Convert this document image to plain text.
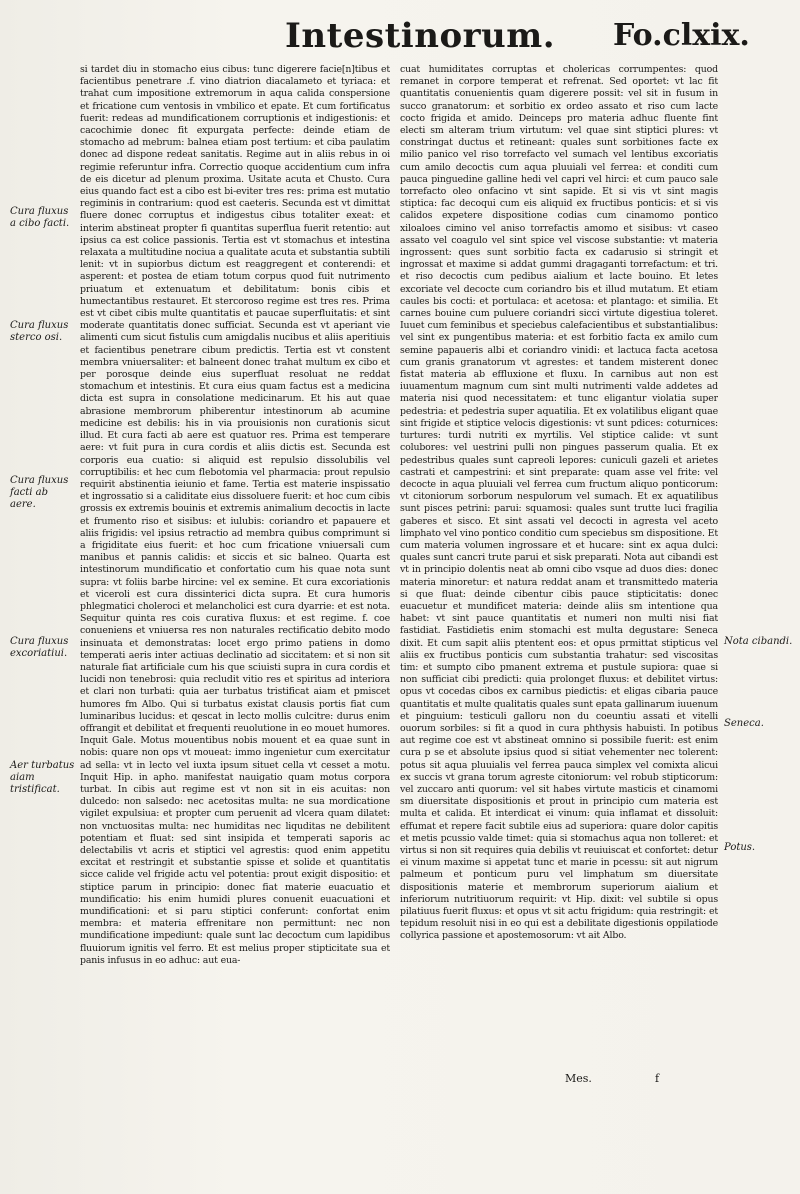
Intestinorum. Fo.clxix.

si tardet diu in stomacho eius cibus: tunc digerere facie[n]tibus et facientibus penetrare .f. vino diatrion diacalameto et tyriaca: et trahat cum impositione extremorum in aqua calida conspersione et fricatione cum ventosis in vmbilico et epate. Et cum fortificatus fuerit: redeas ad mundificationem corruptionis et indigestionis: et cacochimie donec fit expurgata perfecte: deinde etiam de stomacho ad mebrum: balnea etiam post tertium: et ciba paulatim donec ad dispone redeat sanitatis. Regime aut in aliis rebus in oi regimie referuntur infra. Correctio quoque accidentium cum infra de eis dicetur ad plenum proxima. Usitate acuta et Chusto. Cura eius quando fact est a cibo est bi-eviter tres res: prima est mutatio regiminis in contrarium: quod est caeteris. Secunda est vt dimittat fluere donec corruptus et indigestus cibus totaliter exeat: et interim abstineat propter fi quantitas superflua fuerit retentio: aut ipsius ca est colice passionis. Tertia est vt stomachus et intestina relaxata a multitudine nociua a qualitate acuta et substantia subtili lenit: vt in supiorbus dictum est reaggregent et conterendi: et asperent: et postea de etiam totum corpus quod fuit nutrimento priuatum et extenuatum et debilitatum: bonis cibis et humectantibus restauret. Et stercoroso regime est tres res. Prima est vt cibet cibis multe quantitatis et paucae superfluitatis: et sint moderate quantitatis donec sufficiat. Secunda est vt aperiant vie alimenti cum sicut fistulis cum amigdalis nucibus et aliis aperitiuis et facientibus penetrare cibum predictis. Tertia est vt constent membra vniuersaliter: et balneent donec trahat multum ex cibo et per porosque deinde eius superfluat resoluat ne reddat stomachum et intestinis. Et cura eius quam factus est a medicina dicta est supra in consolatione medicinarum. Et his aut quae abrasione membrorum phiberentur intestinorum ab acumine medicine est debilis: his in via prouisionis non curationis sicut illud. Et cura facti ab aere est quatuor res. Prima est temperare aere: vt fuit pura in cura cordis et aliis dictis est. Secunda est corporis eua cuatio: si aliquid est repulsio dissolubilis vel corruptibilis: et hec cum flebotomia vel pharmacia: prout repulsio requirit abstinentia ieiunio et fame. Tertia est materie inspissatio et ingrossatio si a caliditate eius dissoluere fuerit: et hoc cum cibis grossis ex extremis bouinis et extremis animalium decoctis in lacte et frumento riso et sisibus: et iulubis: coriandro et papauere et aliis frigidis: vel ipsius retractio ad membra quibus comprimunt si a frigiditate eius fuerit: et hoc cum fricatione vniuersali cum manibus et pannis calidis: et siccis et sic balneo. Quarta est intestinorum mundificatio et confortatio cum his quae nota sunt supra: vt foliis barbe hircine: vel ex semine. Et cura excoriationis et viceroli est cura dissinterici dicta supra. Et cura humoris phlegmatici choleroci et melancholici est cura dyarrie: et est nota. Sequitur quinta res cois curativa fluxus: et est regime. f. coe conueniens et vniuersa res non naturales rectificatio debito modo insinuata et demonstratas: locet ergo primo patiens in domo temperati aeris inter actiuas declinatio ad siccitatem: et si non sit naturale fiat artificiale cum his que sciuisti supra in cura cordis et lucidi non tenebrosi: quia recludit vitio res et spiritus ad interiora et clari non turbati: quia aer turbatus tristificat aiam et pmiscet humores fm Albo. Qui si turbatus existat clausis portis fiat cum luminaribus lucidus: et qescat in lecto mollis culcitre: durus enim offrangit et debilitat et frequenti reuolutione in eo mouet humores. Inquit Gale. Motus mouentibus nobis mouent et ea quae sunt in nobis: quare non ops vt moueat: immo ingenietur cum exercitatur ad sella: vt in lecto vel iuxta ipsum situet cella vt cesset a motu. Inquit Hip. in apho. manifestat nauigatio quam motus corpora turbat. In cibis aut regime est vt non sit in eis acuitas: non dulcedo: non salsedo: nec acetositas multa: ne sua mordicatione vigilet expulsiua: et propter cum peruenit ad vlcera quam dilatet: non vnctuositas multa: nec humiditas nec liquditas ne debilitent potentiam et fluat: sed sint insipida et temperati saporis ac delectabilis vt acris et stiptici vel agrestis: quod enim appetitu excitat et restringit et substantie spisse et solide et quantitatis sicce calide vel frigide actu vel potentia: prout exigit dispositio: et stiptice parum in principio: donec fiat materie euacuatio et mundificatio: his enim humidi plures conuenit euacuationi et mundificationi: et si paru stiptici conferunt: confortat enim membra: et materia effrenitare non permittunt: nec non mundificatione impediunt: quale sunt lac decoctum cum lapidibus fluuiorum ignitis vel ferro. Et est melius proper stipticitate sua et panis infusus in eo adhuc: aut eua-

cuat humiditates corruptas et cholericas corrumpentes: quod remanet in corpore temperat et refrenat. Sed oportet: vt lac fit quantitatis conuenientis quam digerere possit: vel sit in fusum in succo granatorum: et sorbitio ex ordeo assato et riso cum lacte cocto frigida et amido. Deinceps pro materia adhuc fluente fint electi sm alteram trium virtutum: vel quae sint stiptici plures: vt constringat ductus et retineant: quales sunt sorbitiones facte ex milio panico vel riso torrefacto vel sumach vel lentibus excoriatis cum amilo decoctis cum aqua pluuiali vel ferrea: et conditi cum pauca pinguedine galline hedi vel capri vel hirci: et cum pauco sale torrefacto oleo onfacino vt sint sapide. Et si vis vt sint magis stiptica: fac decoqui cum eis aliquid ex fructibus ponticis: et si vis calidos expetere dispositione codias cum cinamomo pontico xiloaloes cimino vel aniso torrefactis amomo et sisibus: vt caseo assato vel coagulo vel sint spice vel viscose substantie: vt materia ingrossent: ques sunt sorbitio facta ex cadarusio si stringit et ingrossat et maxime si addat gummi dragaganti torrefactum: et tri. et riso decoctis cum pedibus aialium et lacte bouino. Et letes excoriate vel decocte cum coriandro bis et illud mutatum. Et etiam caules bis cocti: et portulaca: et acetosa: et plantago: et similia. Et carnes bouine cum puluere coriandri sicci virtute digestiua toleret. Iuuet cum feminibus et speciebus calefacientibus et substantialibus: vel sint ex pungentibus materia: et est forbitio facta ex amilo cum semine papaueris albi et coriandro vinidi: et lactuca facta acetosa cum granis granatorum vt agrestes: et tandem misterent donec fistat materia ab effluxione et fluxu. In carnibus aut non est iuuamentum magnum cum sint multi nutrimenti valde addetes ad materia nisi quod necessitatem: et tunc eligantur violatia super pedestria: et pedestria super aquatilia. Et ex volatilibus eligant quae sint frigide et stiptice velocis digestionis: vt sunt pdices: coturnices: turtures: turdi nutriti ex myrtilis. Vel stiptice calide: vt sunt colubores: vel uestrini pulli non pingues passerum qualia. Et ex pedestribus quales sunt capreoli lepores: cuniculi gazeli et arietes castrati et campestrini: et sint preparate: quam asse vel frite: vel decocte in aqua pluuiali vel ferrea cum fructum aliquo ponticorum: vt citoniorum sorborum nespulorum vel sumach. Et ex aquatilibus sunt pisces petrini: parui: squamosi: quales sunt trutte luci fragilia gaberes et sisco. Et sint assati vel decocti in agresta vel aceto limphato vel vino pontico conditio cum speciebus sm dispositione. Et cum materia volumen ingrossare et et hucare: sint ex aqua dulci: quales sunt cancri trute parui et sisk preparati. Nota aut cibandi est vt in principio dolentis neat ab omni cibo vsque ad duos dies: donec materia minoretur: et natura reddat anam et transmittedo materia si que fluat: deinde cibentur cibis pauce stipticitatis: donec euacuetur et mundificet materia: deinde aliis sm intentione qua habet: vt sint pauce quantitatis et numeri non multi nisi fiat fastidiat. Fastidietis enim stomachi est multa degustare: Seneca dixit. Et cum sapit aliis ptentent eos: et opus prmittat stipticus vel aliis ex fructibus ponticis cum substantia trahatur: sed viscositas tim: et sumpto cibo pmanent extrema et pustule supiora: quae si non sufficiat cibi predicti: quia prolonget fluxus: et debilitet virtus: opus vt cocedas cibos ex carnibus piedictis: et eligas cibaria pauce quantitatis et multe qualitatis quales sunt epata gallinarum iuuenum et pinguium: testiculi galloru non du coeuntiu assati et vitelli ouorum sorbiles: si fit a quod in cura phthysis habuisti. In potibus aut regime coe est vt abstineat omnino si possibile fuerit: est enim cura p se et absolute ipsius quod si sitiat vehementer nec tolerent: potus sit aqua pluuialis vel ferrea pauca simplex vel comixta alicui ex succis vt grana torum agreste citoniorum: vel robub stipticorum: vel zuccaro anti quorum: vel sit habes virtute masticis et cinamomi sm diuersitate dispositionis et prout in principio cum materia est multa et calida. Et interdicat ei vinum: quia inflamat et dissoluit: effumat et repere facit subtile eius ad superiora: quare dolor capitis et metis pcussio valde timet: quia si stomachus aqua non tolleret: et virtus si non sit requires quia debilis vt reuiuiscat et confortet: detur ei vinum maxime si appetat tunc et marie in pcessu: sit aut nigrum palmeum et ponticum puru vel limphatum sm diuersitate dispositionis materie et membrorum superiorum aialium et inferiorum nutritiuorum requirit: vt Hip. dixit: vel subtile si opus pilatiuus fuerit fluxus: et opus vt sit actu frigidum: quia restringit: et tepidum resoluit nisi in eo qui est a debilitate digestionis oppilatiode collyrica passione et apostemosorum: vt ait Albo.

Cura fluxus a cibo facti.
Cura fluxus sterco osi.
Cura fluxus facti ab aere.
Cura fluxus excoriatiui.
Aer turbatus aiam tristificat.
Nota cibandi.
Seneca.
Potus.
Mes.	f
